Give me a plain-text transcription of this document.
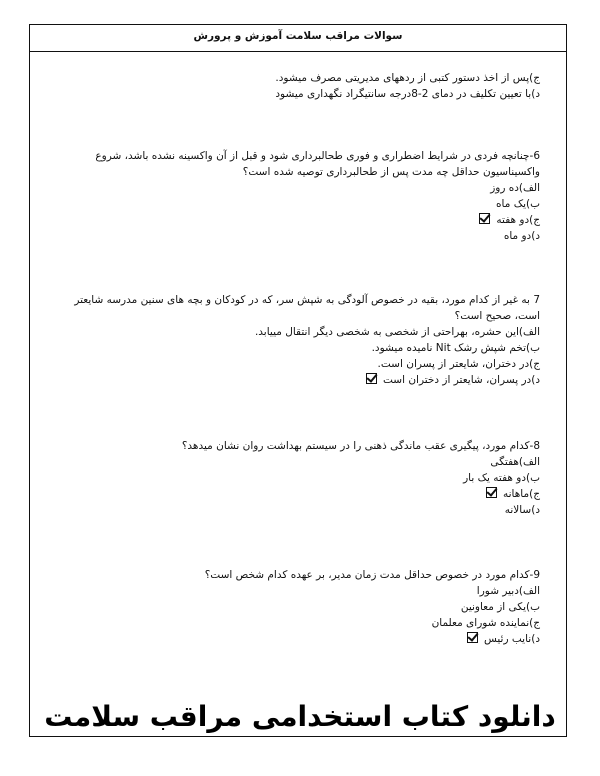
سوالات مراقب سلامت آموزش و پرورش
ج)پس از اخذ دستور کتبی از ردههای مدیریتی مصرف میشود.
د)با تعیین تکلیف در دمای 2-8درجه سانتیگراد نگهداری میشود
6-چنانچه فردی در شرایط اضطراری و فوری طحالبرداری شود و قبل از آن واکسینه نشده باشد، شروع واکسیناسیون حداقل چه مدت پس از طحالبرداری توصیه شده است؟
الف)ده روز
ب)یک ماه
ج)دو هفته
د)دو ماه
7 به غیر از کدام مورد، بقیه در خصوص آلودگی به شپش سر، که در کودکان و بچه های سنین مدرسه شایعتر است، صحیح است؟
الف)این حشره، بهراحتی از شخصی به شخصی دیگر انتقال مییابد.
ب)تخم شپش رشک Nit نامیده میشود.
ج)در دختران، شایعتر از پسران است.
د)در پسران، شایعتر از دختران است
8-کدام مورد، پیگیری عقب ماندگی ذهنی را در سیستم بهداشت روان نشان میدهد؟
الف)هفتگی
ب)دو هفته یک بار
ج)ماهانه
د)سالانه
9-کدام مورد در خصوص حداقل مدت زمان مدیر، بر عهده کدام شخص است؟
الف)دبیر شورا
ب)یکی از معاونین
ج)نماینده شورای معلمان
د)نایب رئیس
دانلود کتاب استخدامی مراقب سلامت
